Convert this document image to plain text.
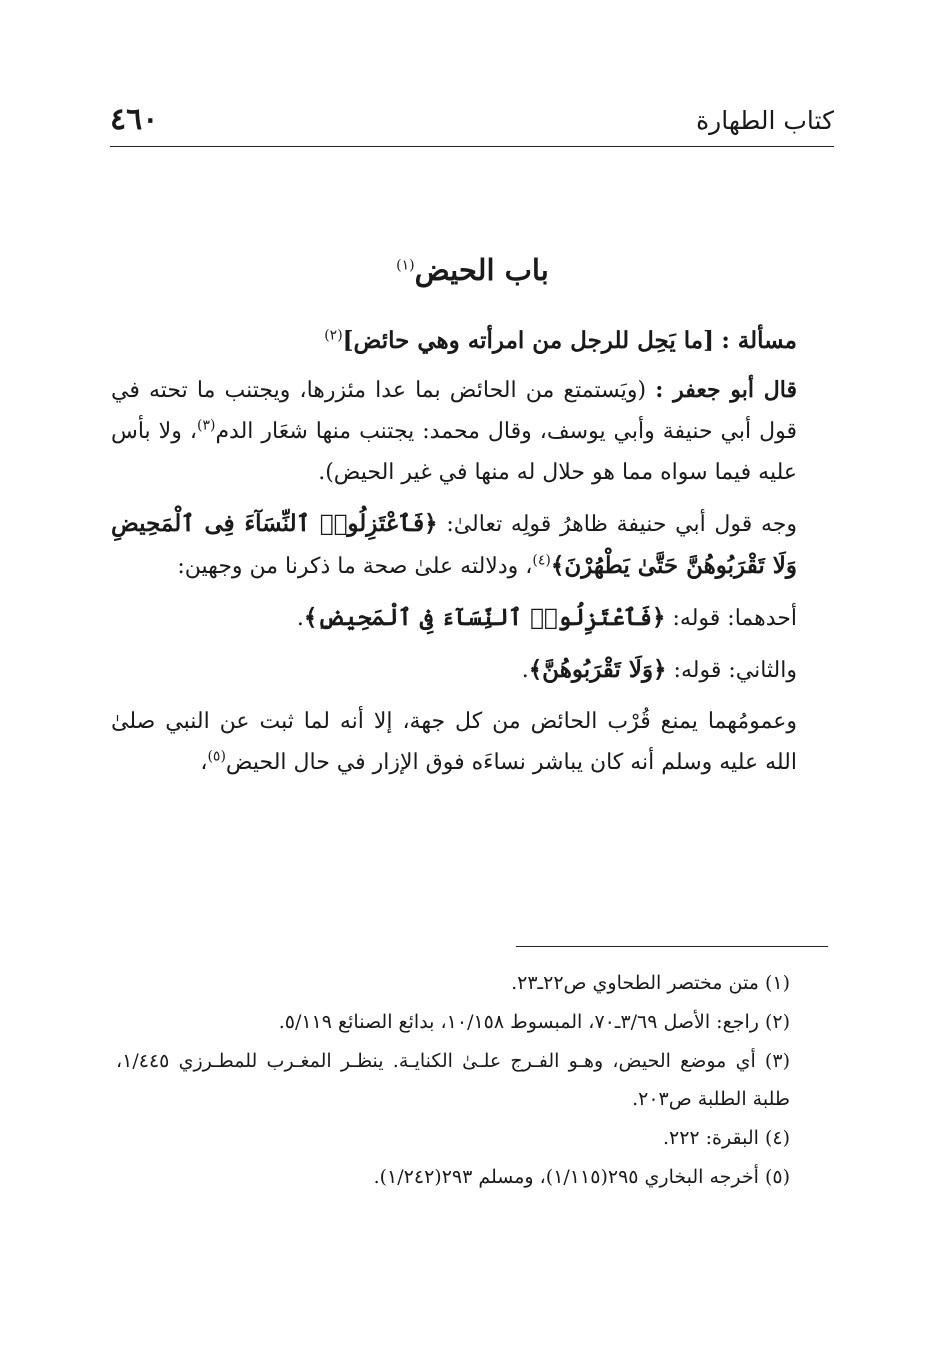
كتاب الطهارة
٤٦٠
باب الحيض$^{(١)}$

مسألة : [ما يَحِل للرجل من امرأته وهي حائض]$^{(٢)}$

قال أبو جعفر : (ويَستمتع من الحائض بما عدا مئزرها، ويجتنب ما تحته في قول أبي حنيفة وأبي يوسف، وقال محمد: يجتنب منها شعَار الدم$^{(٣)}$، ولا بأس عليه فيما سواه مما هو حلال له منها في غير الحيض).

وجه قول أبي حنيفة ظاهرُ قولِه تعالىٰ: ﴿فَٱعْتَزِلُوا۟ ٱلنِّسَآءَ فِى ٱلْمَحِيضِ وَلَا تَقْرَبُوهُنَّ حَتَّىٰ يَطْهُرْنَ﴾$^{(٤)}$، ودلالته علىٰ صحة ما ذكرنا من وجهين:

أحدهما: قوله: ﴿فَٱعْتَزِلُوا۟ ٱلنِّسَآءَ فِى ٱلْمَحِيضِ﴾.

والثاني: قوله: ﴿وَلَا تَقْرَبُوهُنَّ﴾.

وعمومُهما يمنع قُرْب الحائض من كل جهة، إلا أنه لما ثبت عن النبي صلىٰ الله عليه وسلم أنه كان يباشر نساءَه فوق الإزار في حال الحيض$^{(٥)}$،

(١) متن مختصر الطحاوي ص٢٢ـ٢٣.

(٢) راجع: الأصل ٣/٦٩ـ٧٠، المبسوط ١٠/١٥٨، بدائع الصنائع ٥/١١٩.

(٣) أي موضع الحيض، وهـو الفـرج علـىٰ الكنايـة. ينظـر المغـرب للمطـرزي ١/٤٤٥، طلبة الطلبة ص٢٠٣.

(٤) البقرة: ٢٢٢.

(٥) أخرجه البخاري ٢٩٥(١/١١٥)، ومسلم ٢٩٣(١/٢٤٢).
